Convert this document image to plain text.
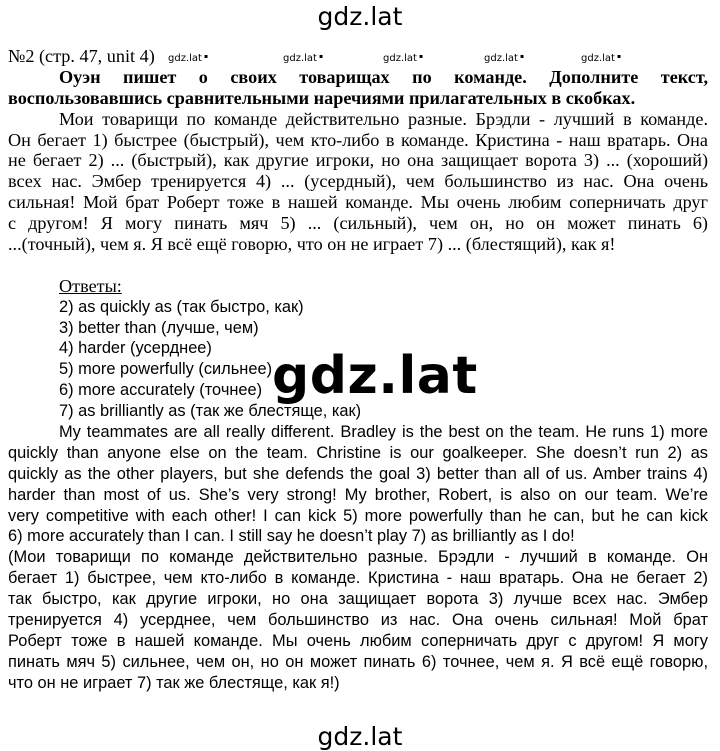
gdz.lat
gdz.lat ▪	gdz.lat ▪	gdz.lat ▪	gdz.lat ▪	gdz.lat ▪
№2 (стр. 47, unit 4)
Оуэн пишет о своих товарищах по команде. Дополните текст,
воспользовавшись сравнительными наречиями прилагательных в скобках.
Мои товарищи по команде действительно разные. Брэдли - лучший в команде.
Он бегает 1) быстрее (быстрый), чем кто-либо в команде. Кристина - наш вратарь. Она
не бегает 2) ... (быстрый), как другие игроки, но она защищает ворота 3) ... (хороший)
всех нас. Эмбер тренируется 4) ... (усердный), чем большинство из нас. Она очень
сильная! Мой брат Роберт тоже в нашей команде. Мы очень любим соперничать друг
с другом! Я могу пинать мяч 5) ... (сильный), чем он, но он может пинать 6)
...(точный), чем я. Я всё ещё говорю, что он не играет 7) ... (блестящий), как я!
Ответы:
2) as quickly as (так быстро, как)
3) better than (лучше, чем)
4) harder (усерднее)
5) more powerfully (сильнее)
6) more accurately (точнее)
7) as brilliantly as (так же блестяще, как)
My teammates are all really different. Bradley is the best on the team. He runs 1) more
quickly than anyone else on the team. Christine is our goalkeeper. She doesn’t run 2) as
quickly as the other players, but she defends the goal 3) better than all of us. Amber trains 4)
harder than most of us. She’s very strong! My brother, Robert, is also on our team. We’re
very competitive with each other! I can kick 5) more powerfully than he can, but he can kick
6) more accurately than I can. I still say he doesn’t play 7) as brilliantly as I do!
(Мои товарищи по команде действительно разные. Брэдли - лучший в команде. Он
бегает 1) быстрее, чем кто-либо в команде. Кристина - наш вратарь. Она не бегает 2)
так быстро, как другие игроки, но она защищает ворота 3) лучше всех нас. Эмбер
тренируется 4) усерднее, чем большинство из нас. Она очень сильная! Мой брат
Роберт тоже в нашей команде. Мы очень любим соперничать друг с другом! Я могу
пинать мяч 5) сильнее, чем он, но он может пинать 6) точнее, чем я. Я всё ещё говорю,
что он не играет 7) так же блестяще, как я!)
gdz.lat
gdz.lat
